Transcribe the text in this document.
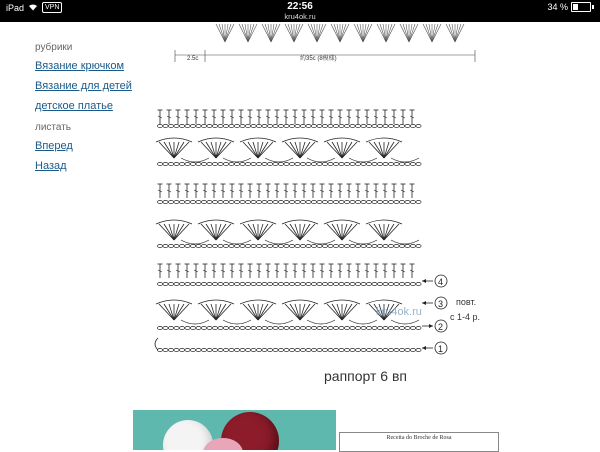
iPad	VPN	22:56
kru4ok.ru
34 %
рубрики
Вязание крючком
Вязание для детей
детское платье
листать
Вперед
Назад
2.5c	約35c (8模様)
4
3
2
1
повт.
с 1-4 р.
kru4ok.ru
раппорт 6 вп
Receita do Broche de Rosa
